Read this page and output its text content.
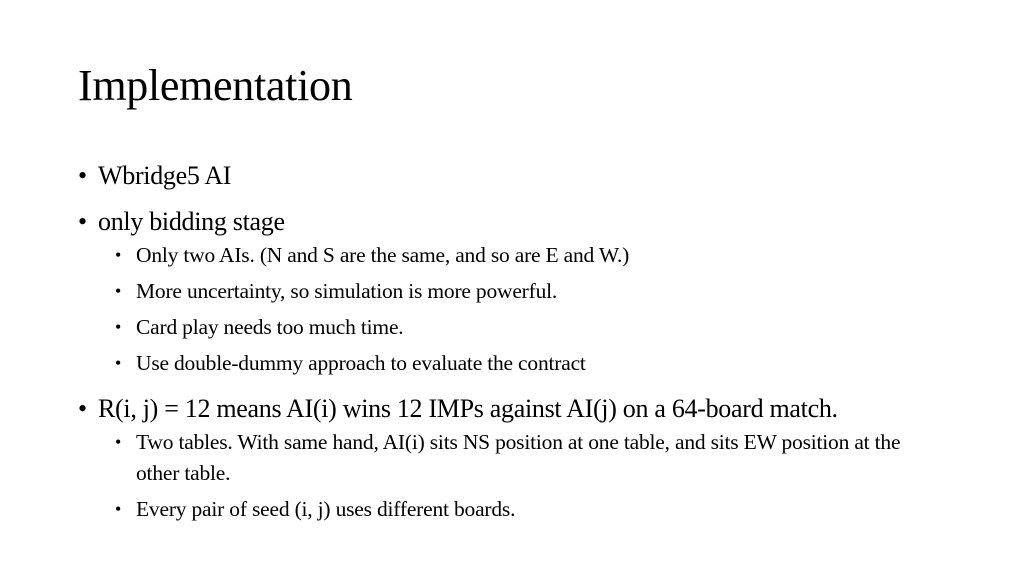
Implementation
• Wbridge5 AI
• only bidding stage
• Only two AIs. (N and S are the same, and so are E and W.)
• More uncertainty, so simulation is more powerful.
• Card play needs too much time.
• Use double-dummy approach to evaluate the contract
• R(i, j) = 12 means AI(i) wins 12 IMPs against AI(j) on a 64-board match.
• Two tables. With same hand, AI(i) sits NS position at one table, and sits EW position at the other table.
• Every pair of seed (i, j) uses different boards.
